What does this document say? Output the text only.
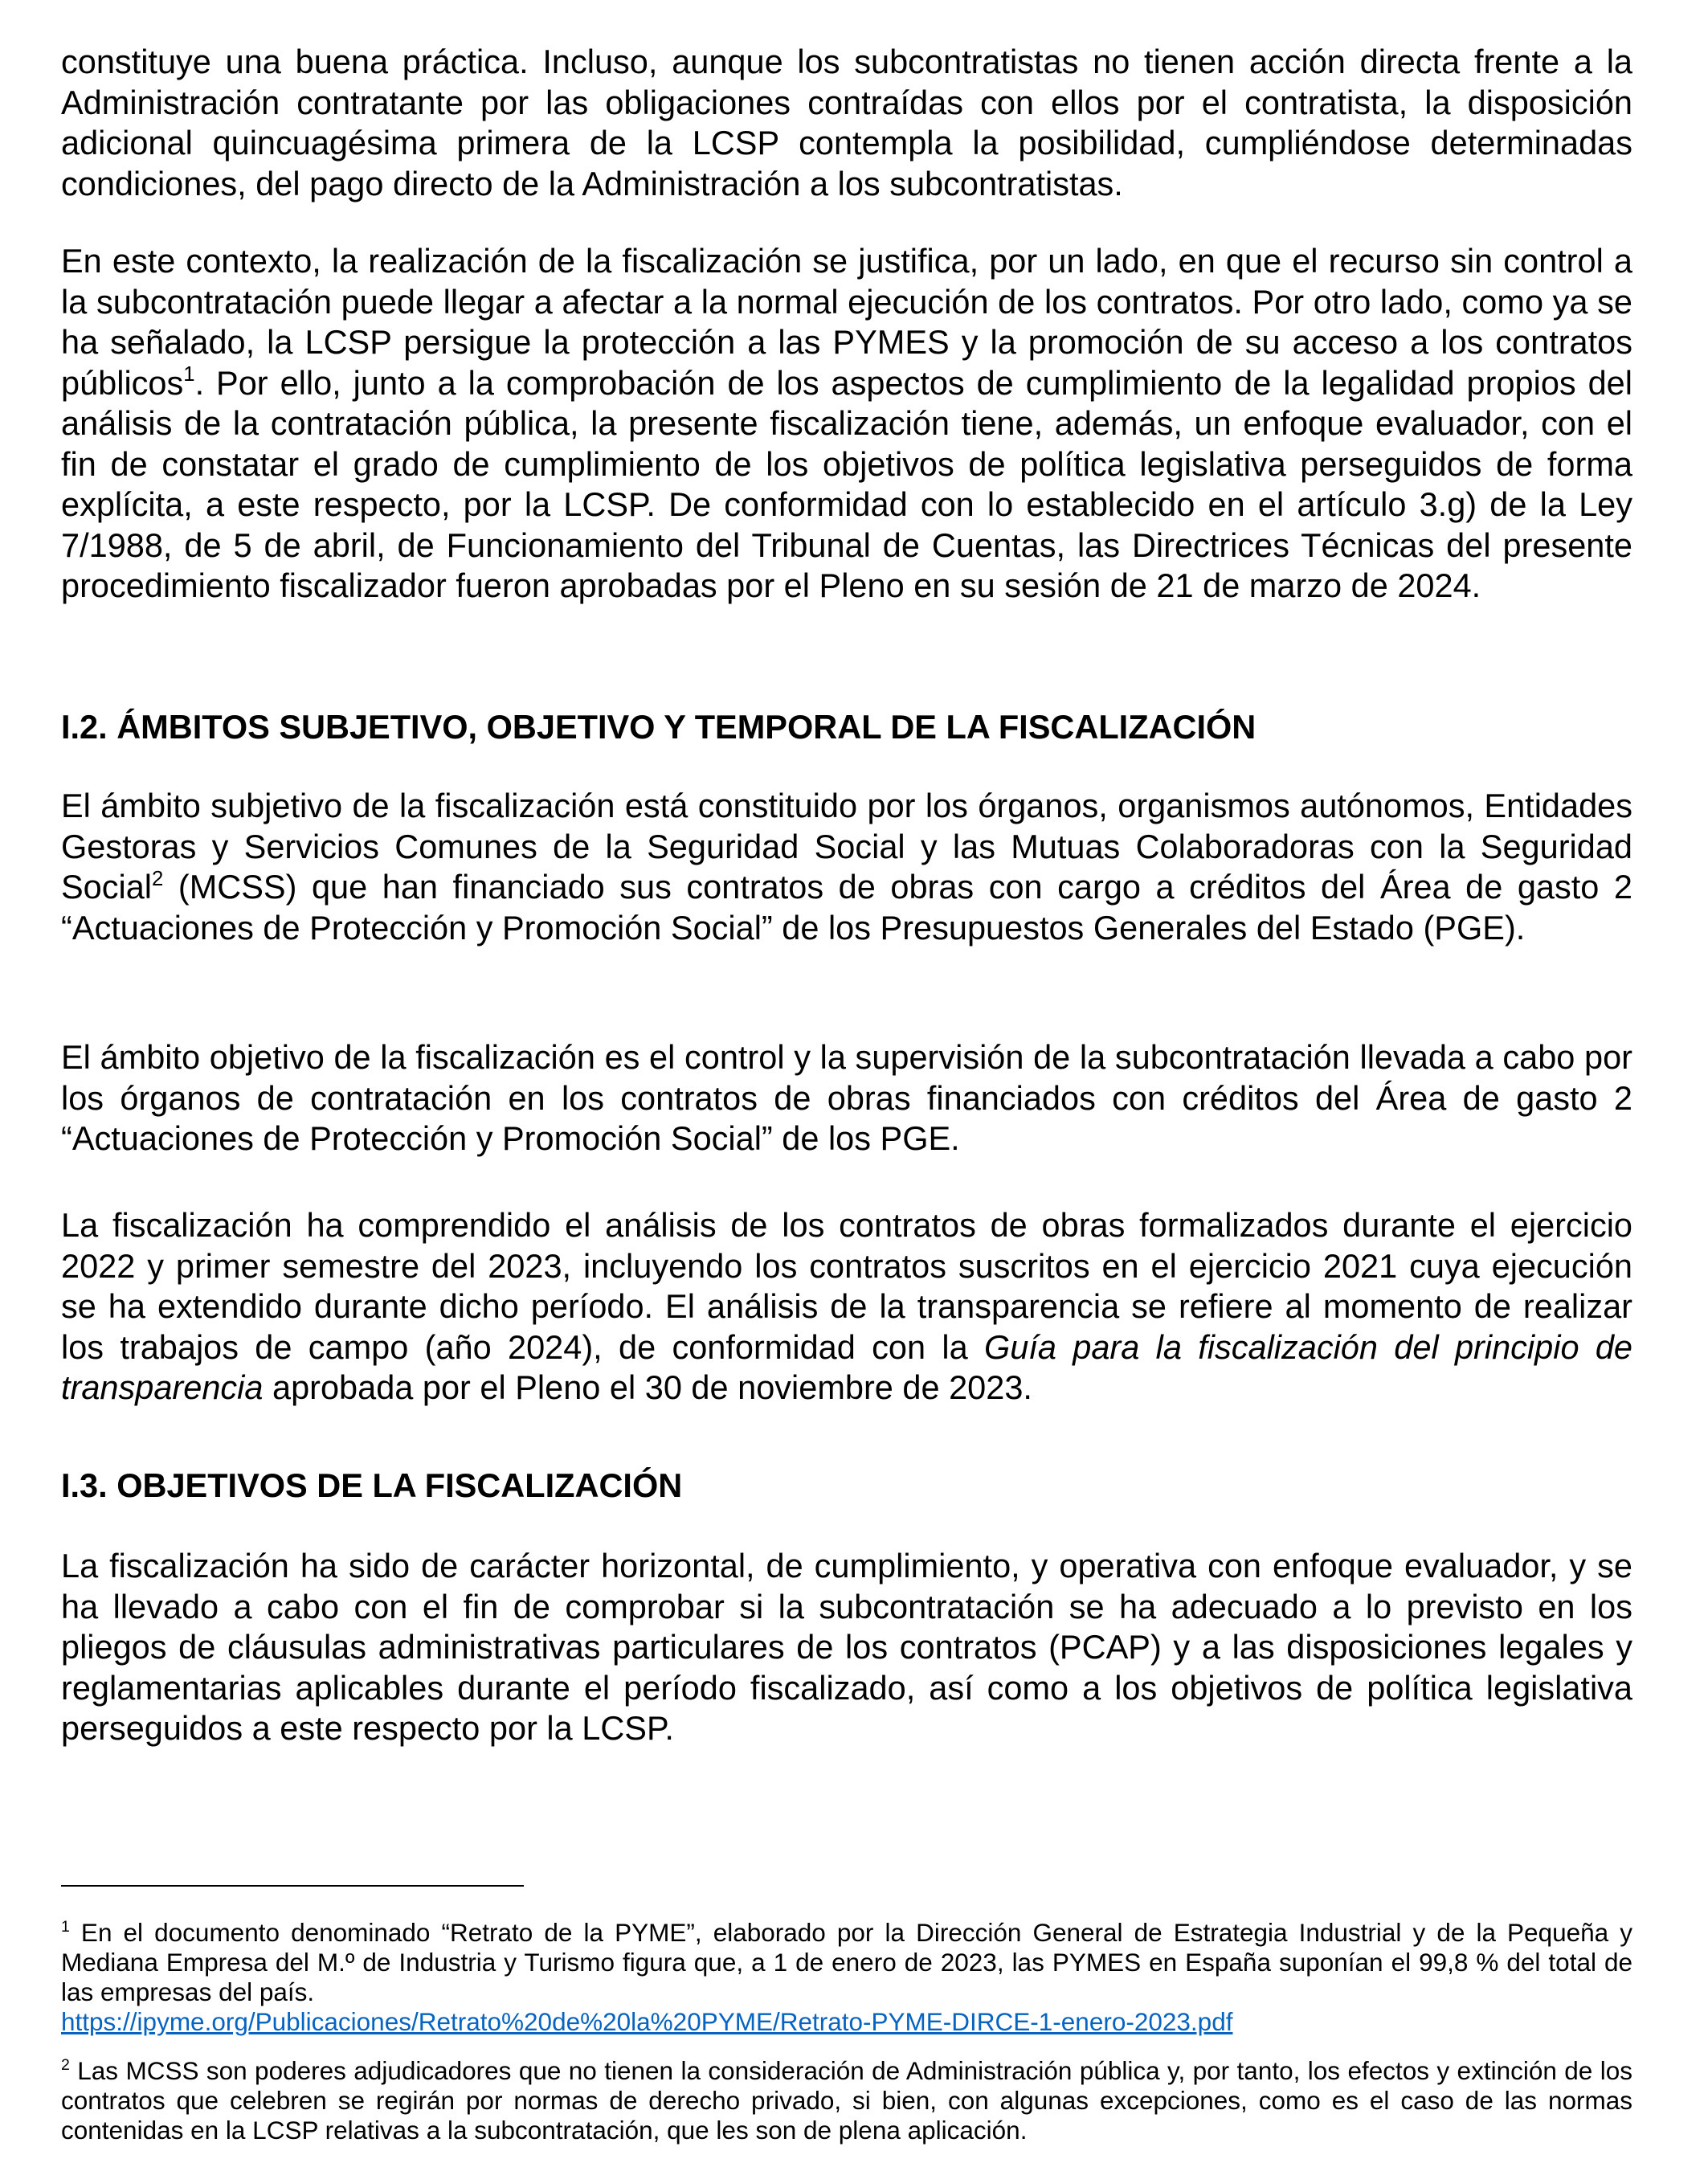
constituye una buena práctica. Incluso, aunque los subcontratistas no tienen acción directa frente a la Administración contratante por las obligaciones contraídas con ellos por el contratista, la disposición adicional quincuagésima primera de la LCSP contempla la posibilidad, cumpliéndose determinadas condiciones, del pago directo de la Administración a los subcontratistas.

En este contexto, la realización de la fiscalización se justifica, por un lado, en que el recurso sin control a la subcontratación puede llegar a afectar a la normal ejecución de los contratos. Por otro lado, como ya se ha señalado, la LCSP persigue la protección a las PYMES y la promoción de su acceso a los contratos públicos$^1$. Por ello, junto a la comprobación de los aspectos de cumplimiento de la legalidad propios del análisis de la contratación pública, la presente fiscalización tiene, además, un enfoque evaluador, con el fin de constatar el grado de cumplimiento de los objetivos de política legislativa perseguidos de forma explícita, a este respecto, por la LCSP. De conformidad con lo establecido en el artículo 3.g) de la Ley 7/1988, de 5 de abril, de Funcionamiento del Tribunal de Cuentas, las Directrices Técnicas del presente procedimiento fiscalizador fueron aprobadas por el Pleno en su sesión de 21 de marzo de 2024.

I.2. ÁMBITOS SUBJETIVO, OBJETIVO Y TEMPORAL DE LA FISCALIZACIÓN

El ámbito subjetivo de la fiscalización está constituido por los órganos, organismos autónomos, Entidades Gestoras y Servicios Comunes de la Seguridad Social y las Mutuas Colaboradoras con la Seguridad Social$^2$ (MCSS) que han financiado sus contratos de obras con cargo a créditos del Área de gasto 2 “Actuaciones de Protección y Promoción Social” de los Presupuestos Generales del Estado (PGE).

El ámbito objetivo de la fiscalización es el control y la supervisión de la subcontratación llevada a cabo por los órganos de contratación en los contratos de obras financiados con créditos del Área de gasto 2 “Actuaciones de Protección y Promoción Social” de los PGE.

La fiscalización ha comprendido el análisis de los contratos de obras formalizados durante el ejercicio 2022 y primer semestre del 2023, incluyendo los contratos suscritos en el ejercicio 2021 cuya ejecución se ha extendido durante dicho período. El análisis de la transparencia se refiere al momento de realizar los trabajos de campo (año 2024), de conformidad con la Guía para la fiscalización del principio de transparencia aprobada por el Pleno el 30 de noviembre de 2023.

I.3. OBJETIVOS DE LA FISCALIZACIÓN

La fiscalización ha sido de carácter horizontal, de cumplimiento, y operativa con enfoque evaluador, y se ha llevado a cabo con el fin de comprobar si la subcontratación se ha adecuado a lo previsto en los pliegos de cláusulas administrativas particulares de los contratos (PCAP) y a las disposiciones legales y reglamentarias aplicables durante el período fiscalizado, así como a los objetivos de política legislativa perseguidos a este respecto por la LCSP.

$^1$ En el documento denominado “Retrato de la PYME”, elaborado por la Dirección General de Estrategia Industrial y de la Pequeña y Mediana Empresa del M.º de Industria y Turismo figura que, a 1 de enero de 2023, las PYMES en España suponían el 99,8 % del total de las empresas del país.
https://ipyme.org/Publicaciones/Retrato%20de%20la%20PYME/Retrato-PYME-DIRCE-1-enero-2023.pdf

$^2$ Las MCSS son poderes adjudicadores que no tienen la consideración de Administración pública y, por tanto, los efectos y extinción de los contratos que celebren se regirán por normas de derecho privado, si bien, con algunas excepciones, como es el caso de las normas contenidas en la LCSP relativas a la subcontratación, que les son de plena aplicación.
